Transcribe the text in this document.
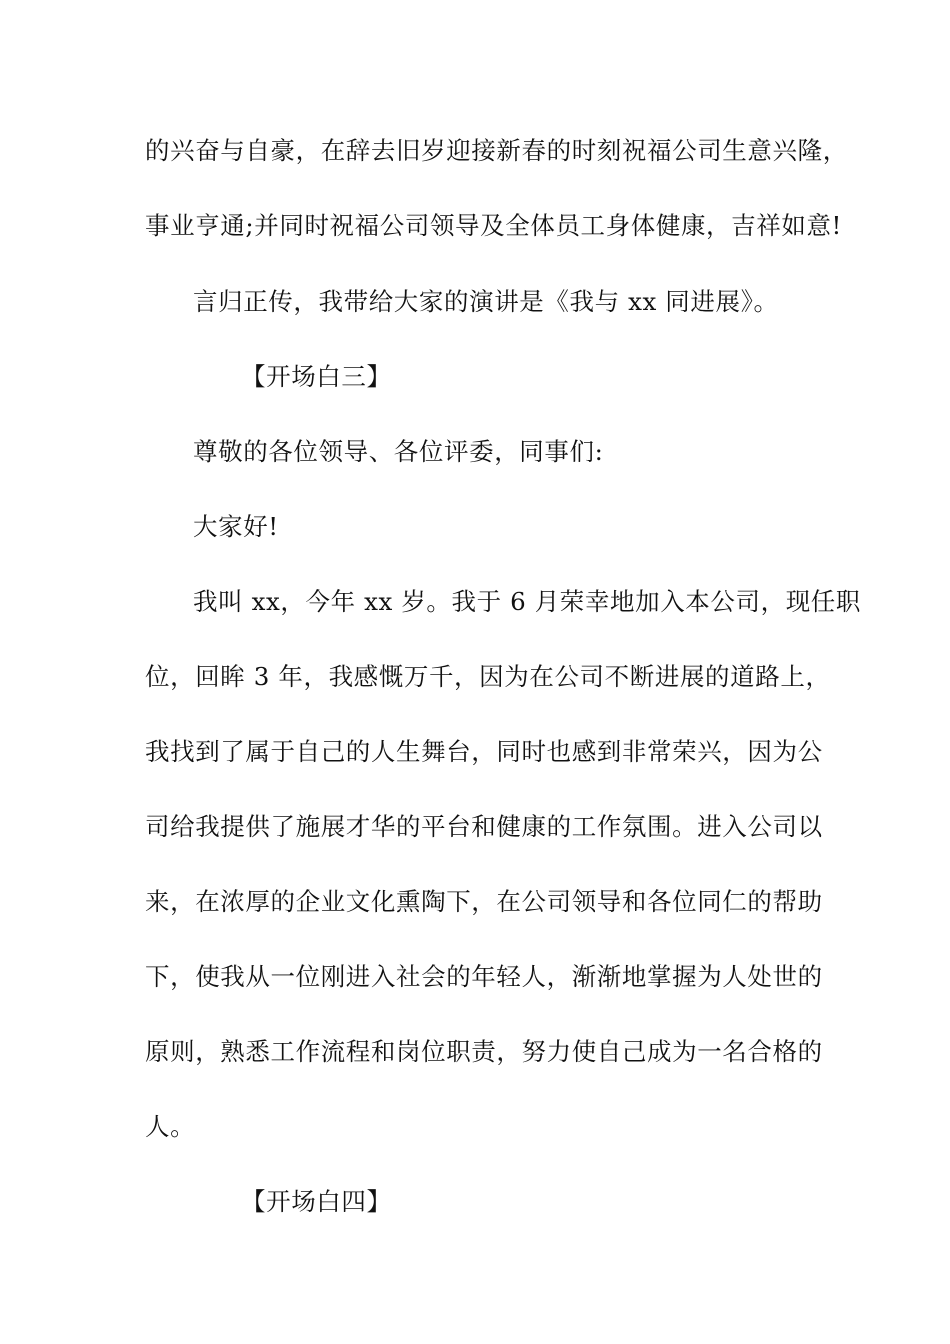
的兴奋与自豪，在辞去旧岁迎接新春的时刻祝福公司生意兴隆，
事业亨通;并同时祝福公司领导及全体员工身体健康，吉祥如意!
言归正传，我带给大家的演讲是《我与 xx 同进展》。
【开场白三】
尊敬的各位领导、各位评委，同事们:
大家好!
我叫 xx，今年 xx 岁。我于 6 月荣幸地加入本公司，现任职
位，回眸 3 年，我感慨万千，因为在公司不断进展的道路上，
我找到了属于自己的人生舞台，同时也感到非常荣兴，因为公
司给我提供了施展才华的平台和健康的工作氛围。进入公司以
来，在浓厚的企业文化熏陶下，在公司领导和各位同仁的帮助
下，使我从一位刚进入社会的年轻人，渐渐地掌握为人处世的
原则，熟悉工作流程和岗位职责，努力使自己成为一名合格的
人。
【开场白四】
